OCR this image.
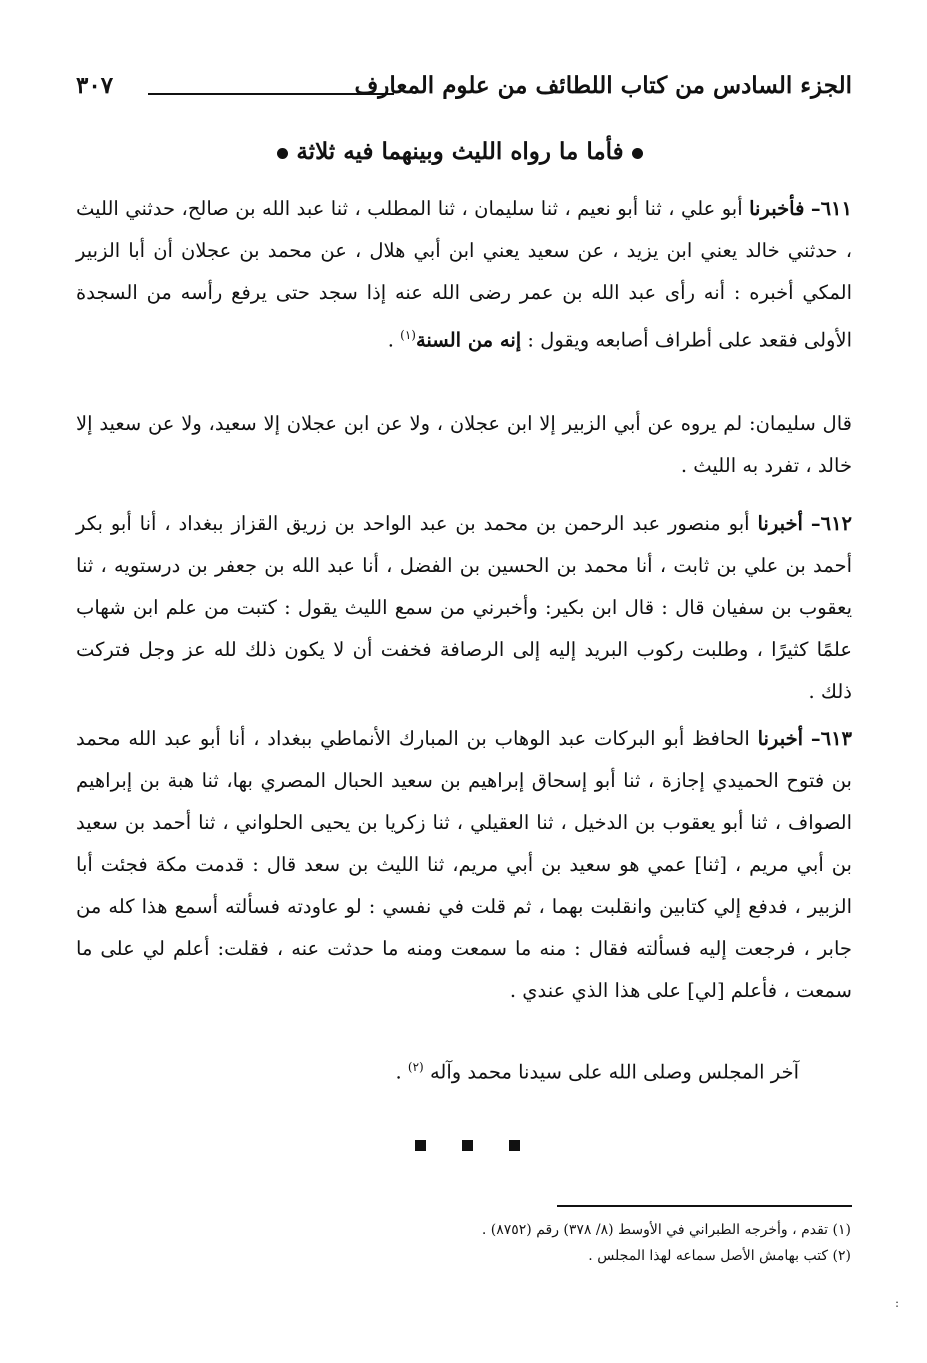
٣٠٧	الجزء السادس من كتاب اللطائف من علوم المعارف
فأما ما رواه الليث وبينهما فيه ثلاثة
٦١١– فأخبرنا أبو علي ، ثنا أبو نعيم ، ثنا سليمان ، ثنا المطلب ، ثنا عبد الله بن صالح، حدثني الليث ، حدثني خالد يعني ابن يزيد ، عن سعيد يعني ابن أبي هلال ، عن محمد بن عجلان أن أبا الزبير المكي أخبره : أنه رأى عبد الله بن عمر رضى الله عنه إذا سجد حتى يرفع رأسه من السجدة الأولى فقعد على أطراف أصابعه ويقول : إنه من السنة$^{(١)}$ .
قال سليمان: لم يروه عن أبي الزبير إلا ابن عجلان ، ولا عن ابن عجلان إلا سعيد، ولا عن سعيد إلا خالد ، تفرد به الليث .
٦١٢– أخبرنا أبو منصور عبد الرحمن بن محمد بن عبد الواحد بن زريق القزاز ببغداد ، أنا أبو بكر أحمد بن علي بن ثابت ، أنا محمد بن الحسين بن الفضل ، أنا عبد الله بن جعفر بن درستويه ، ثنا يعقوب بن سفيان قال : قال ابن بكير: وأخبرني من سمع الليث يقول : كتبت من علم ابن شهاب علمًا كثيرًا ، وطلبت ركوب البريد إليه إلى الرصافة فخفت أن لا يكون ذلك لله عز وجل فتركت ذلك .
٦١٣– أخبرنا الحافظ أبو البركات عبد الوهاب بن المبارك الأنماطي ببغداد ، أنا أبو عبد الله محمد بن فتوح الحميدي إجازة ، ثنا أبو إسحاق إبراهيم بن سعيد الحبال المصري بها، ثنا هبة بن إبراهيم الصواف ، ثنا أبو يعقوب بن الدخيل ، ثنا العقيلي ، ثنا زكريا بن يحيى الحلواني ، ثنا أحمد بن سعيد بن أبي مريم ، [ثنا] عمي هو سعيد بن أبي مريم، ثنا الليث بن سعد قال : قدمت مكة فجئت أبا الزبير ، فدفع إلي كتابين وانقلبت بهما ، ثم قلت في نفسي : لو عاودته فسألته أسمع هذا كله من جابر ، فرجعت إليه فسألته فقال : منه ما سمعت ومنه ما حدثت عنه ، فقلت: أعلم لي على ما سمعت ، فأعلم [لي] على هذا الذي عندي .
آخر المجلس وصلى الله على سيدنا محمد وآله $^{(٢)}$ .
(١) تقدم ، وأخرجه الطبراني في الأوسط (٨/ ٣٧٨) رقم (٨٧٥٢) .
(٢) كتب بهامش الأصل سماعه لهذا المجلس .
:
